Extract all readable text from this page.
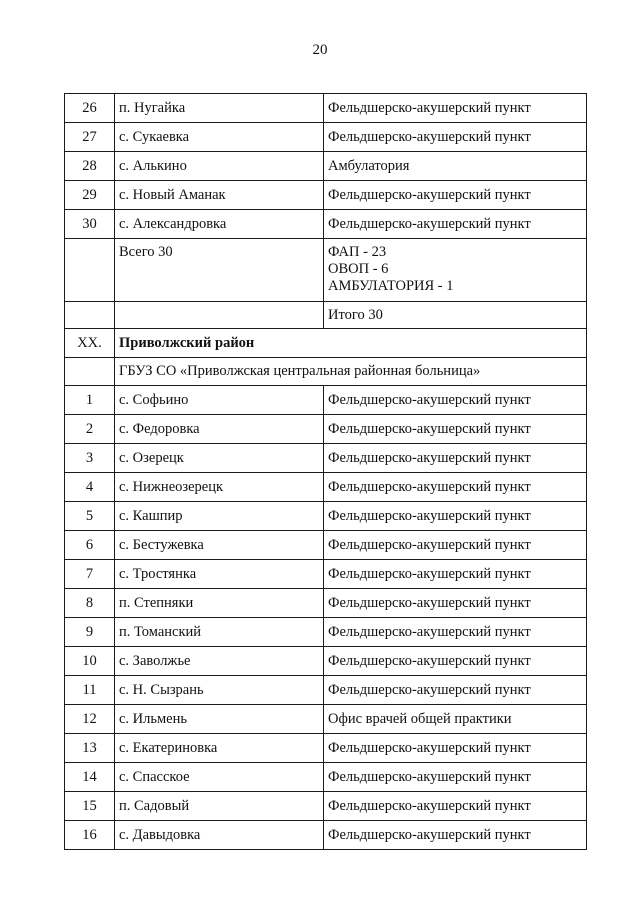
20
26	п. Нугайка	Фельдшерско-акушерский пункт
27	с. Сукаевка	Фельдшерско-акушерский пункт
28	с. Алькино	Амбулатория
29	с. Новый Аманак	Фельдшерско-акушерский пункт
30	с. Александровка	Фельдшерско-акушерский пункт
	Всего 30	ФАП - 23
ОВОП - 6
АМБУЛАТОРИЯ - 1

		Итого 30
XX.	Приволжский район	
	ГБУЗ СО «Приволжская центральная районная больница»	
1	с. Софьино	Фельдшерско-акушерский пункт
2	с. Федоровка	Фельдшерско-акушерский пункт
3	с. Озерецк	Фельдшерско-акушерский пункт
4	с. Нижнеозерецк	Фельдшерско-акушерский пункт
5	с. Кашпир	Фельдшерско-акушерский пункт
6	с. Бестужевка	Фельдшерско-акушерский пункт
7	с. Тростянка	Фельдшерско-акушерский пункт
8	п. Степняки	Фельдшерско-акушерский пункт
9	п. Томанский	Фельдшерско-акушерский пункт
10	с. Заволжье	Фельдшерско-акушерский пункт
11	с. Н. Сызрань	Фельдшерско-акушерский пункт
12	с. Ильмень	Офис врачей общей практики
13	с. Екатериновка	Фельдшерско-акушерский пункт
14	с. Спасское	Фельдшерско-акушерский пункт
15	п. Садовый	Фельдшерско-акушерский пункт
16	с. Давыдовка	Фельдшерско-акушерский пункт
